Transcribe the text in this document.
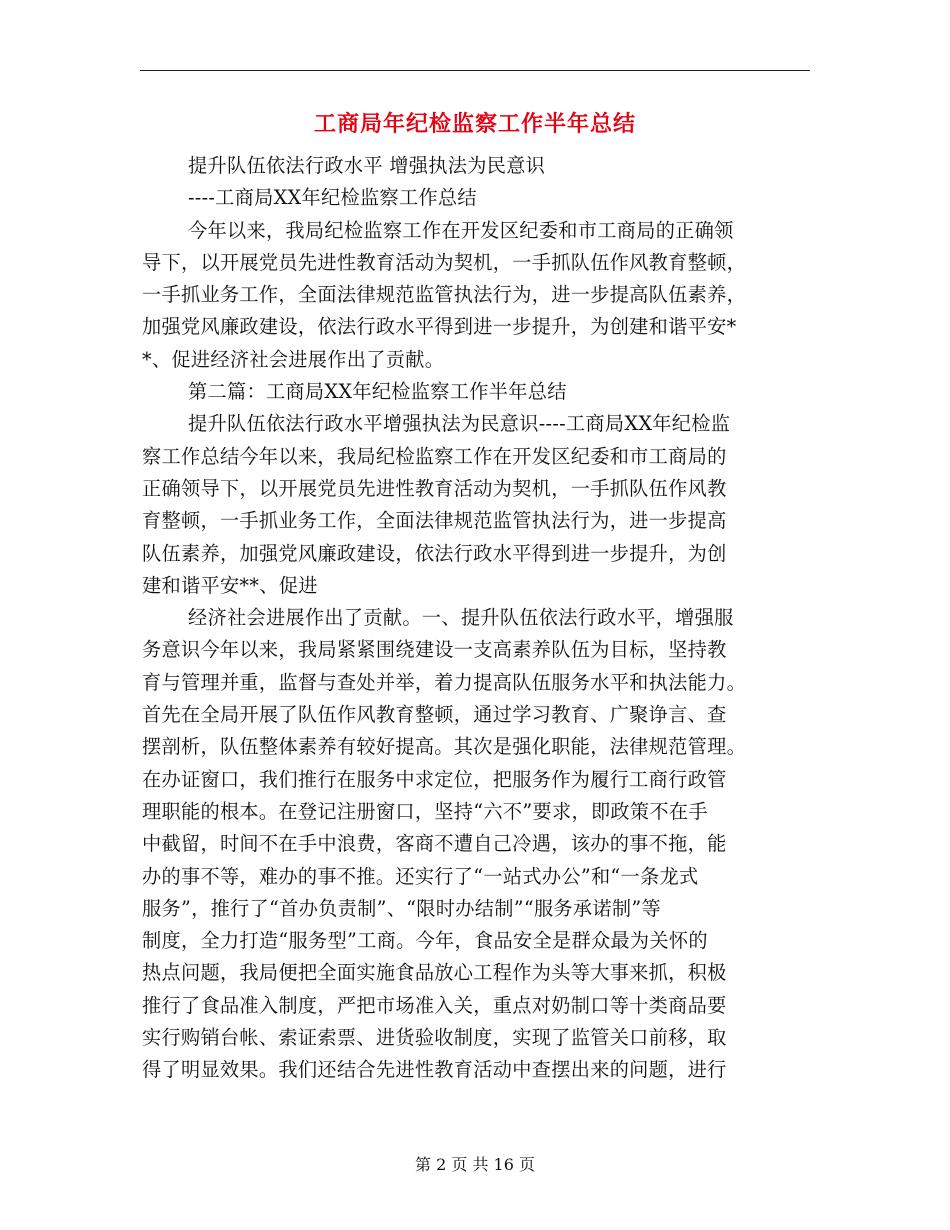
工商局年纪检监察工作半年总结
提升队伍依法行政水平 增强执法为民意识
----工商局XX年纪检监察工作总结
今年以来，我局纪检监察工作在开发区纪委和市工商局的正确领
导下，以开展党员先进性教育活动为契机，一手抓队伍作风教育整顿，
一手抓业务工作，全面法律规范监管执法行为，进一步提高队伍素养，
加强党风廉政建设，依法行政水平得到进一步提升，为创建和谐平安*
*、促进经济社会进展作出了贡献。
第二篇：工商局XX年纪检监察工作半年总结
提升队伍依法行政水平增强执法为民意识----工商局XX年纪检监
察工作总结今年以来，我局纪检监察工作在开发区纪委和市工商局的
正确领导下，以开展党员先进性教育活动为契机，一手抓队伍作风教
育整顿，一手抓业务工作，全面法律规范监管执法行为，进一步提高
队伍素养，加强党风廉政建设，依法行政水平得到进一步提升，为创
建和谐平安**、促进
经济社会进展作出了贡献。一、提升队伍依法行政水平，增强服
务意识今年以来，我局紧紧围绕建设一支高素养队伍为目标，坚持教
育与管理并重，监督与查处并举，着力提高队伍服务水平和执法能力。
首先在全局开展了队伍作风教育整顿，通过学习教育、广聚诤言、查
摆剖析，队伍整体素养有较好提高。其次是强化职能，法律规范管理。
在办证窗口，我们推行在服务中求定位，把服务作为履行工商行政管
理职能的根本。在登记注册窗口，坚持“六不”要求，即政策不在手
中截留，时间不在手中浪费，客商不遭自己冷遇，该办的事不拖，能
办的事不等，难办的事不推。还实行了“一站式办公”和“一条龙式
服务”，推行了“首办负责制”、“限时办结制”“服务承诺制”等
制度，全力打造“服务型”工商。今年，食品安全是群众最为关怀的
热点问题，我局便把全面实施食品放心工程作为头等大事来抓，积极
推行了食品准入制度，严把市场准入关，重点对奶制口等十类商品要
实行购销台帐、索证索票、进货验收制度，实现了监管关口前移，取
得了明显效果。我们还结合先进性教育活动中查摆出来的问题，进行
第 2 页 共 16 页
